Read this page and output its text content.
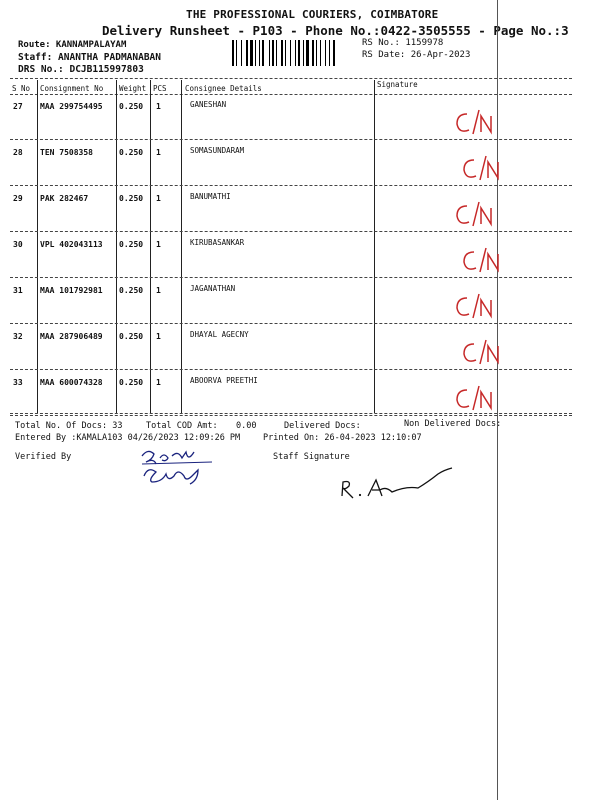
THE PROFESSIONAL COURIERS, COIMBATORE
Delivery Runsheet - P103 - Phone No.:0422-3505555 - Page No.:3
Route: KANNAMPALAYAM
Staff: ANANTHA PADMANABAN
DRS No.: DCJB115997803
RS No.: 1159978
RS Date: 26-Apr-2023
S No Consignment No Weight PCS Consignee Details	Signature
27 MAA 299754495 0.250 1	GANESHAN
28 TEN 7508358	0.250 1	SOMASUNDARAM
29 PAK 282467	0.250 1	BANUMATHI
30 VPL 402043113 0.250 1	KIRUBASANKAR
31 MAA 101792981 0.250 1	JAGANATHAN
32 MAA 287906489 0.250 1	DHAYAL AGECNY
33 MAA 600074328 0.250 1	ABOORVA PREETHI
Total No. Of Docs: 33	Total COD Amt: 0.00	Delivered Docs:	Non Delivered Docs:
Entered By :KAMALA103 04/26/2023 12:09:26 PM	Printed On: 26-04-2023 12:10:07
Verified By	Staff Signature
